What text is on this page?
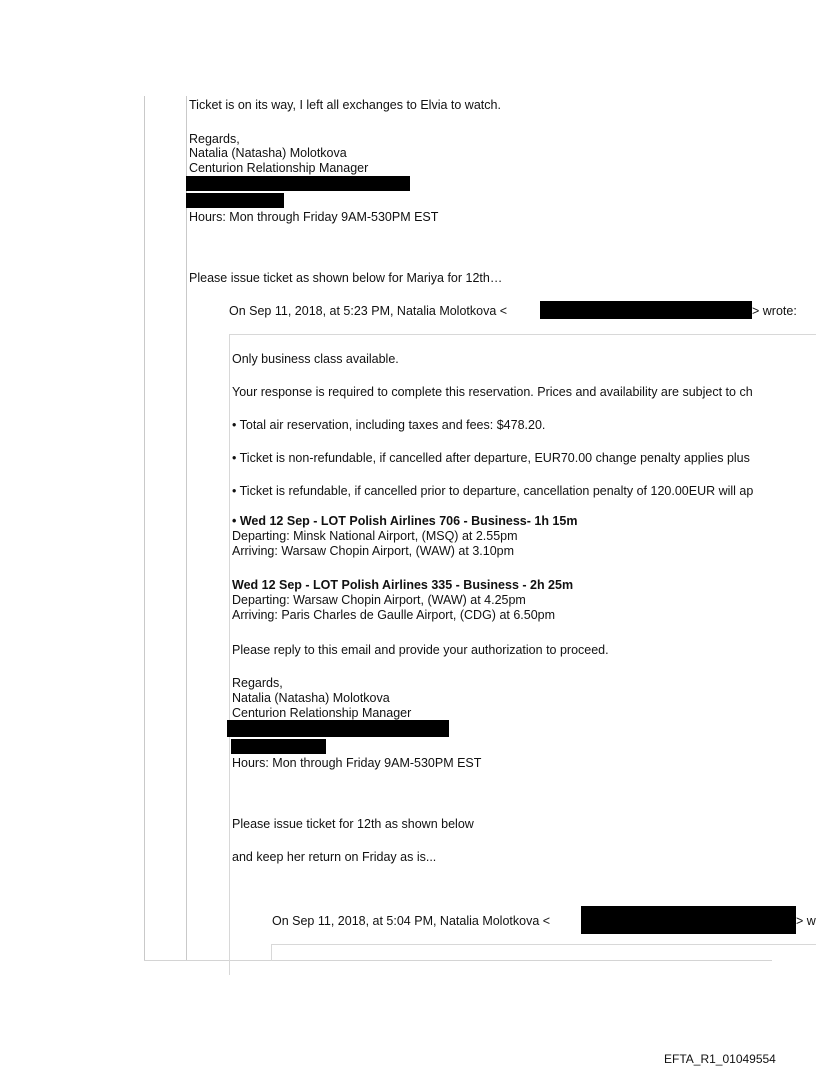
Ticket is on its way, I left all exchanges to Elvia to watch.
Regards,
Natalia (Natasha) Molotkova
Centurion Relationship Manager
Hours: Mon through Friday 9AM-530PM EST
Please issue ticket as shown below for Mariya for 12th…
On Sep 11, 2018, at 5:23 PM, Natalia Molotkova <	> wrote:
Only business class available.
Your response is required to complete this reservation. Prices and availability are subject to ch
• Total air reservation, including taxes and fees: $478.20.
• Ticket is non-refundable, if cancelled after departure, EUR70.00 change penalty applies plus
• Ticket is refundable, if cancelled prior to departure, cancellation penalty of 120.00EUR will ap
• Wed 12 Sep - LOT Polish Airlines 706 - Business- 1h 15m
Departing: Minsk National Airport, (MSQ) at 2.55pm
Arriving: Warsaw Chopin Airport, (WAW) at 3.10pm
Wed 12 Sep - LOT Polish Airlines 335 - Business - 2h 25m
Departing: Warsaw Chopin Airport, (WAW) at 4.25pm
Arriving: Paris Charles de Gaulle Airport, (CDG) at 6.50pm
Please reply to this email and provide your authorization to proceed.
Regards,
Natalia (Natasha) Molotkova
Centurion Relationship Manager
Hours: Mon through Friday 9AM-530PM EST
Please issue ticket for 12th as shown below
and keep her return on Friday as is...
On Sep 11, 2018, at 5:04 PM, Natalia Molotkova <	> w
EFTA_R1_01049554
